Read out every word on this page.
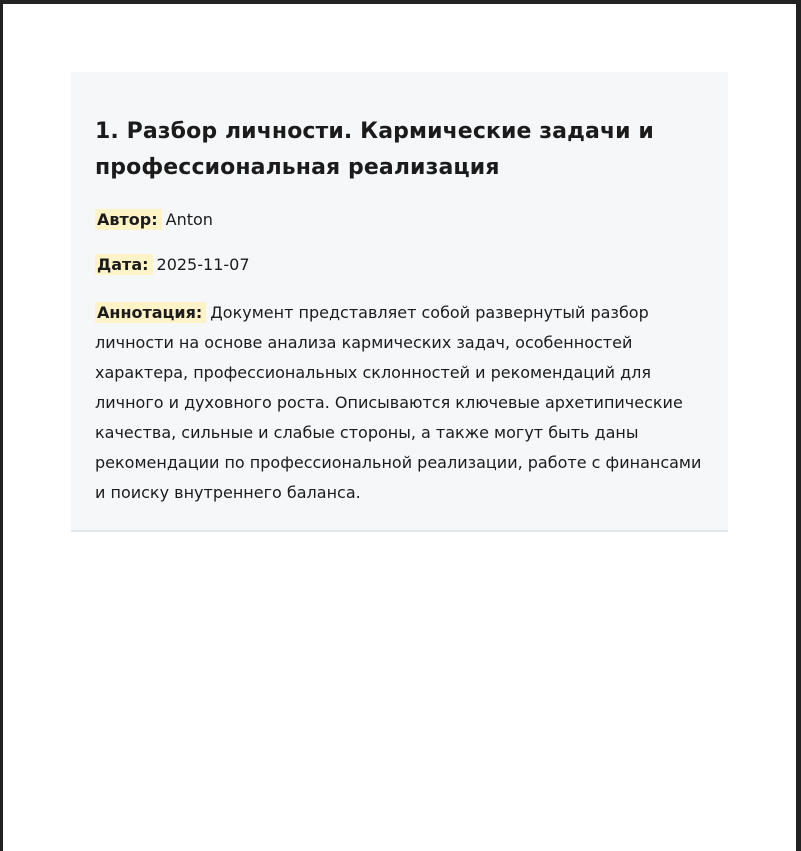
1. Разбор личности. Кармические задачи и профессиональная реализация

Автор: Anton

Дата: 2025-11-07

Аннотация: Документ представляет собой развернутый разбор личности на основе анализа кармических задач, особенностей характера, профессиональных склонностей и рекомендаций для личного и духовного роста. Описываются ключевые архетипические качества, сильные и слабые стороны, а также могут быть даны рекомендации по профессиональной реализации, работе с финансами и поиску внутреннего баланса.
